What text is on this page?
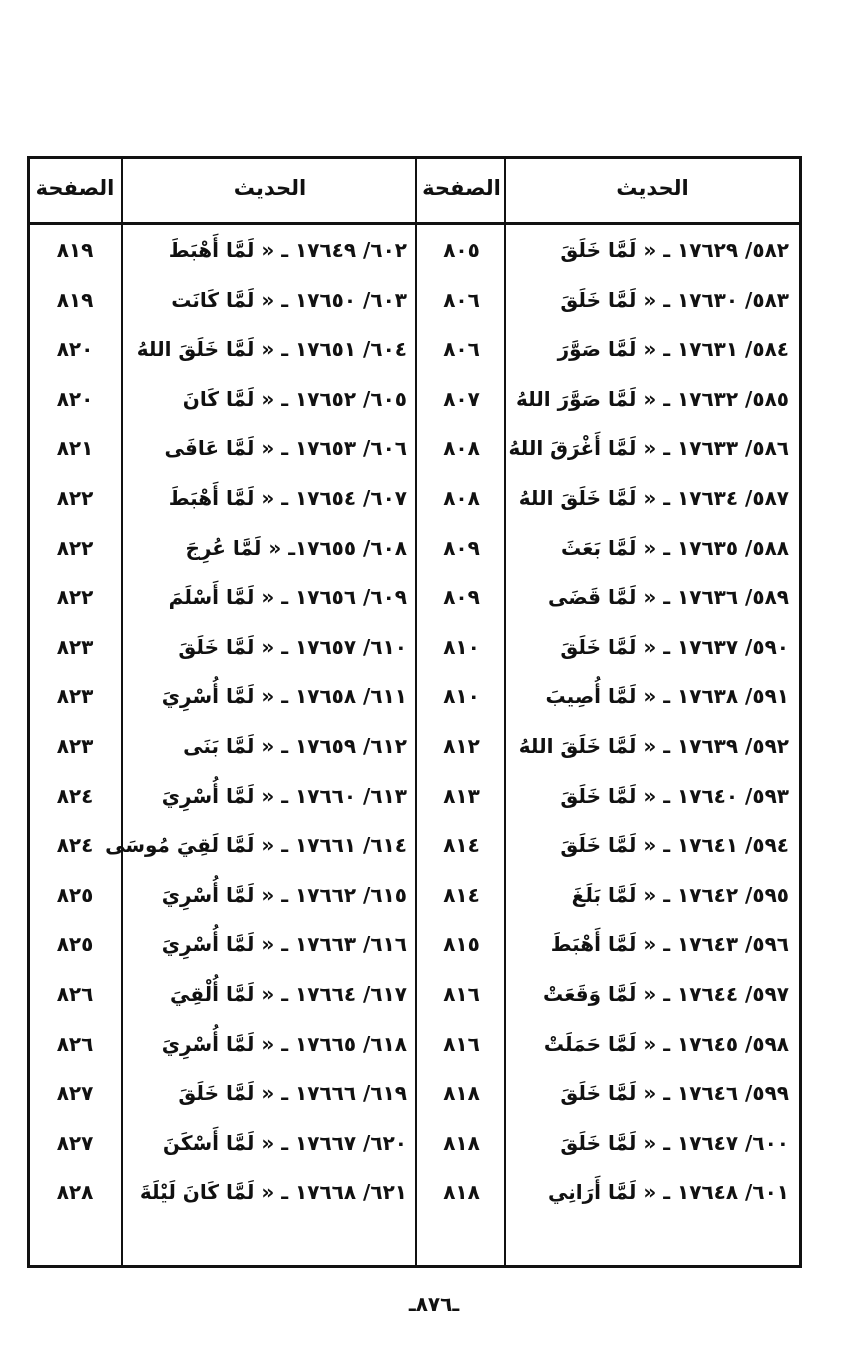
الحديث
الصفحة
الحديث
الصفحة
٥٨٢/ ١٧٦٢٩ ـ « لَمَّا خَلَقَ
٨٠٥
٦٠٢/ ١٧٦٤٩ ـ « لَمَّا أَهْبَطَ
٨١٩
٥٨٣/ ١٧٦٣٠ ـ « لَمَّا خَلَقَ
٨٠٦
٦٠٣/ ١٧٦٥٠ ـ « لَمَّا كَانَت
٨١٩
٥٨٤/ ١٧٦٣١ ـ « لَمَّا صَوَّرَ
٨٠٦
٦٠٤/ ١٧٦٥١ ـ « لَمَّا خَلَقَ اللهُ
٨٢٠
٥٨٥/ ١٧٦٣٢ ـ « لَمَّا صَوَّرَ اللهُ
٨٠٧
٦٠٥/ ١٧٦٥٢ ـ « لَمَّا كَانَ
٨٢٠
٥٨٦/ ١٧٦٣٣ ـ « لَمَّا أَغْرَقَ اللهُ
٨٠٨
٦٠٦/ ١٧٦٥٣ ـ « لَمَّا عَافَى
٨٢١
٥٨٧/ ١٧٦٣٤ ـ « لَمَّا خَلَقَ اللهُ
٨٠٨
٦٠٧/ ١٧٦٥٤ ـ « لَمَّا أَهْبَطَ
٨٢٢
٥٨٨/ ١٧٦٣٥ ـ « لَمَّا بَعَثَ
٨٠٩
٦٠٨/ ١٧٦٥٥ـ « لَمَّا عُرِجَ
٨٢٢
٥٨٩/ ١٧٦٣٦ ـ « لَمَّا قَضَى
٨٠٩
٦٠٩/ ١٧٦٥٦ ـ « لَمَّا أَسْلَمَ
٨٢٢
٥٩٠/ ١٧٦٣٧ ـ « لَمَّا خَلَقَ
٨١٠
٦١٠/ ١٧٦٥٧ ـ « لَمَّا خَلَقَ
٨٢٣
٥٩١/ ١٧٦٣٨ ـ « لَمَّا أُصِيبَ
٨١٠
٦١١/ ١٧٦٥٨ ـ « لَمَّا أُسْرِيَ
٨٢٣
٥٩٢/ ١٧٦٣٩ ـ « لَمَّا خَلَقَ اللهُ
٨١٢
٦١٢/ ١٧٦٥٩ ـ « لَمَّا بَنَى
٨٢٣
٥٩٣/ ١٧٦٤٠ ـ « لَمَّا خَلَقَ
٨١٣
٦١٣/ ١٧٦٦٠ ـ « لَمَّا أُسْرِيَ
٨٢٤
٥٩٤/ ١٧٦٤١ ـ « لَمَّا خَلَقَ
٨١٤
٦١٤/ ١٧٦٦١ ـ « لَمَّا لَقِيَ مُوسَى
٨٢٤
٥٩٥/ ١٧٦٤٢ ـ « لَمَّا بَلَغَ
٨١٤
٦١٥/ ١٧٦٦٢ ـ « لَمَّا أُسْرِيَ
٨٢٥
٥٩٦/ ١٧٦٤٣ ـ « لَمَّا أَهْبَطَ
٨١٥
٦١٦/ ١٧٦٦٣ ـ « لَمَّا أُسْرِيَ
٨٢٥
٥٩٧/ ١٧٦٤٤ ـ « لَمَّا وَقَعَتْ
٨١٦
٦١٧/ ١٧٦٦٤ ـ « لَمَّا أُلْقِيَ
٨٢٦
٥٩٨/ ١٧٦٤٥ ـ « لَمَّا حَمَلَتْ
٨١٦
٦١٨/ ١٧٦٦٥ ـ « لَمَّا أُسْرِيَ
٨٢٦
٥٩٩/ ١٧٦٤٦ ـ « لَمَّا خَلَقَ
٨١٨
٦١٩/ ١٧٦٦٦ ـ « لَمَّا خَلَقَ
٨٢٧
٦٠٠/ ١٧٦٤٧ ـ « لَمَّا خَلَقَ
٨١٨
٦٢٠/ ١٧٦٦٧ ـ « لَمَّا أَسْكَنَ
٨٢٧
٦٠١/ ١٧٦٤٨ ـ « لَمَّا أَرَانِي
٨١٨
٦٢١/ ١٧٦٦٨ ـ « لَمَّا كَانَ لَيْلَةَ
٨٢٨
ـ٨٧٦ـ
